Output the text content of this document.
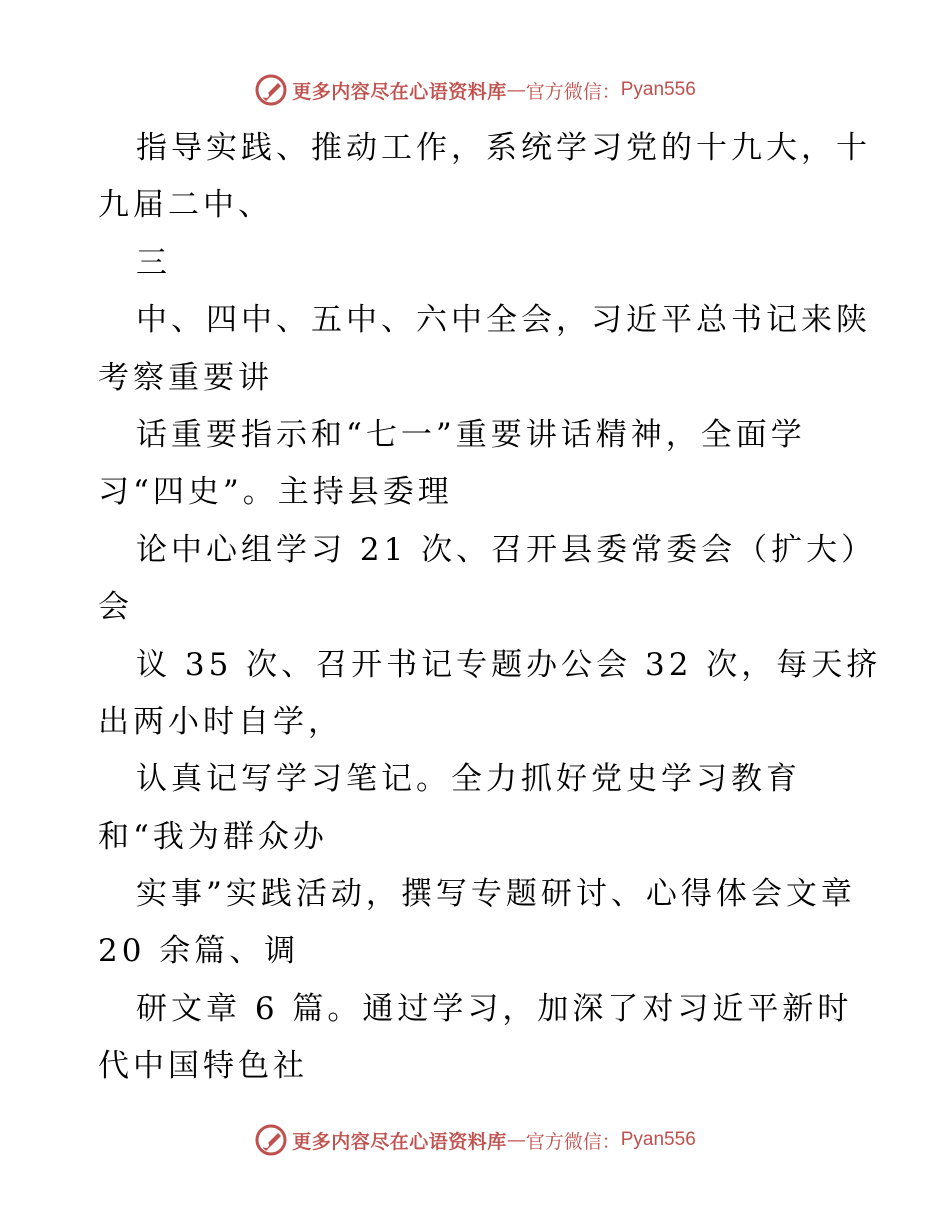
更多内容尽在心语资料库 — 官方微信： Pyan556
指导实践、推动工作，系统学习党的十九大，十
九届二中、
三
中、四中、五中、六中全会，习近平总书记来陕
考察重要讲
话重要指示和“七一”重要讲话精神，全面学
习“四史”。主持县委理
论中心组学习 21 次、召开县委常委会（扩大）
会
议 35 次、召开书记专题办公会 32 次，每天挤
出两小时自学，
认真记写学习笔记。全力抓好党史学习教育
和“我为群众办
实事”实践活动，撰写专题研讨、心得体会文章
20 余篇、调
研文章 6 篇。通过学习，加深了对习近平新时
代中国特色社
更多内容尽在心语资料库 — 官方微信： Pyan556
